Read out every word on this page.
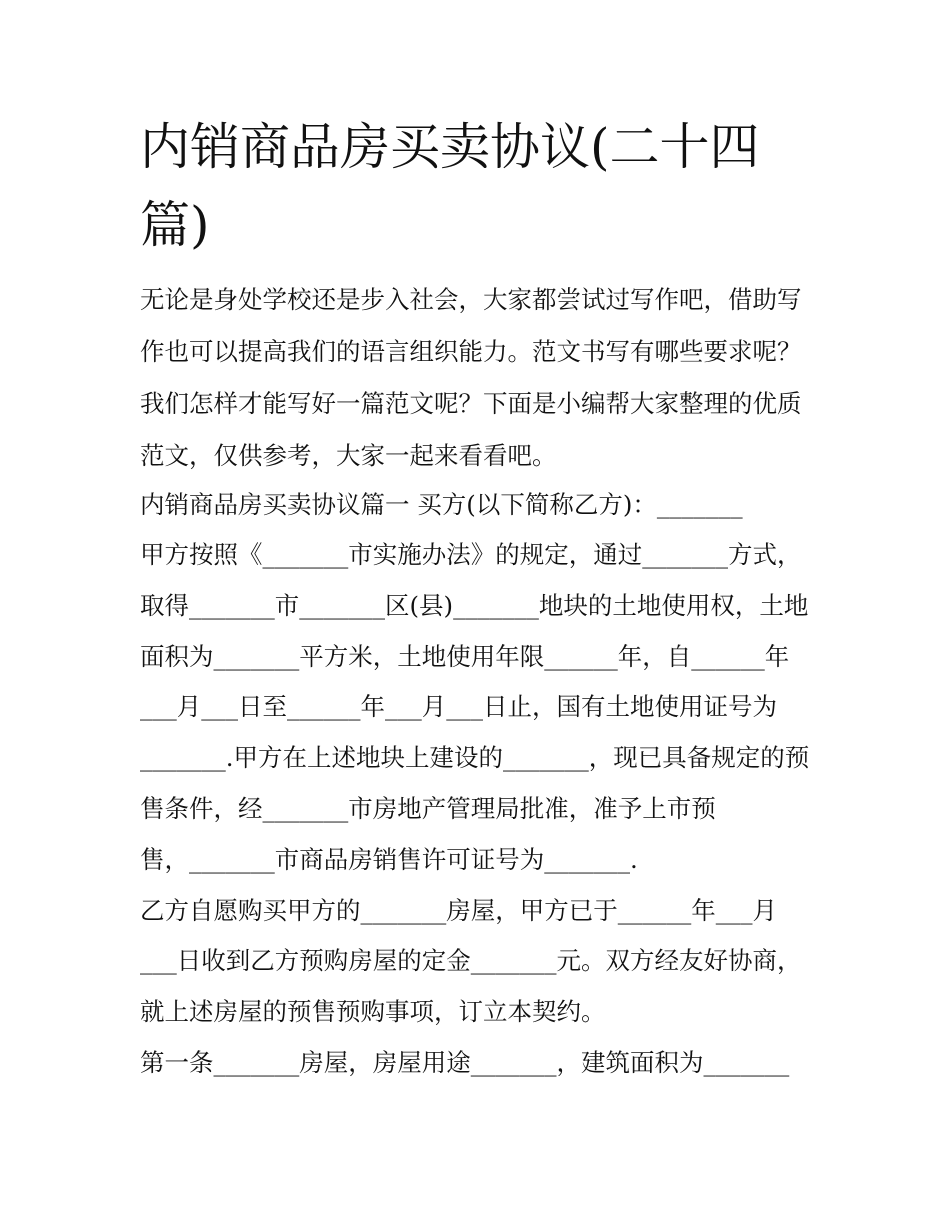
内销商品房买卖协议(二十四
篇)
无论是身处学校还是步入社会，大家都尝试过写作吧，借助写
作也可以提高我们的语言组织能力。范文书写有哪些要求呢？
我们怎样才能写好一篇范文呢？下面是小编帮大家整理的优质
范文，仅供参考，大家一起来看看吧。
内销商品房买卖协议篇一 买方(以下简称乙方)：_______
甲方按照《_______市实施办法》的规定，通过_______方式，
取得_______市_______区(县)_______地块的土地使用权，土地
面积为_______平方米，土地使用年限______年，自______年
___月___日至______年___月___日止，国有土地使用证号为
_______.甲方在上述地块上建设的_______，现已具备规定的预
售条件，经_______市房地产管理局批准，准予上市预
售，_______市商品房销售许可证号为_______.
乙方自愿购买甲方的_______房屋，甲方已于______年___月
___日收到乙方预购房屋的定金_______元。双方经友好协商，
就上述房屋的预售预购事项，订立本契约。
第一条_______房屋，房屋用途_______，建筑面积为_______
